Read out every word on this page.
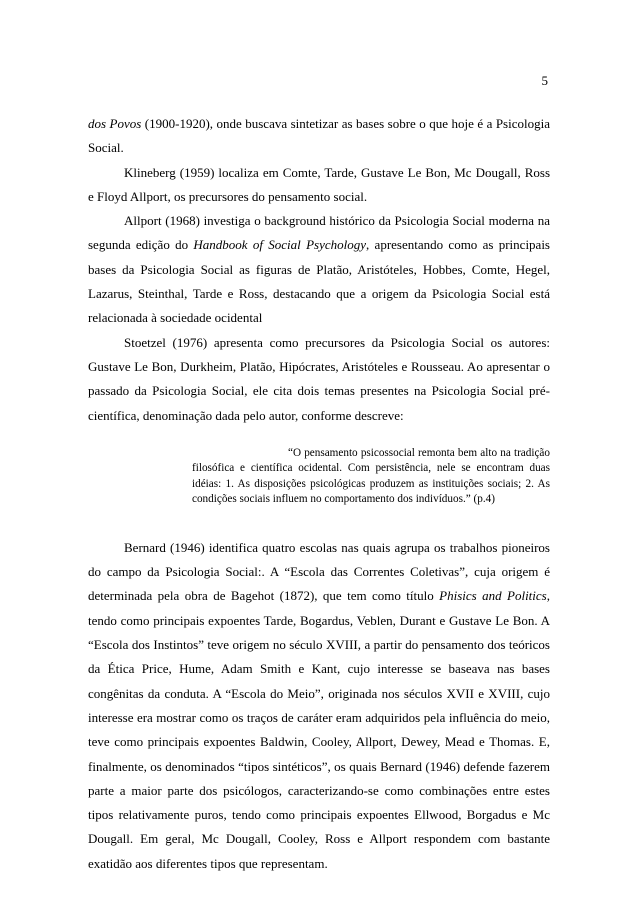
5

dos Povos (1900-1920), onde buscava sintetizar as bases sobre o que hoje é a Psicologia Social.

Klineberg (1959) localiza em Comte, Tarde, Gustave Le Bon, Mc Dougall, Ross e Floyd Allport, os precursores do pensamento social.

Allport (1968) investiga o background histórico da Psicologia Social moderna na segunda edição do Handbook of Social Psychology, apresentando como as principais bases da Psicologia Social as figuras de Platão, Aristóteles, Hobbes, Comte, Hegel, Lazarus, Steinthal, Tarde e Ross, destacando que a origem da Psicologia Social está relacionada à sociedade ocidental

Stoetzel (1976) apresenta como precursores da Psicologia Social os autores: Gustave Le Bon, Durkheim, Platão, Hipócrates, Aristóteles e Rousseau. Ao apresentar o passado da Psicologia Social, ele cita dois temas presentes na Psicologia Social pré-científica, denominação dada pelo autor, conforme descreve:

“O pensamento psicossocial remonta bem alto na tradição filosófica e científica ocidental. Com persistência, nele se encontram duas idéias: 1. As disposições psicológicas produzem as instituições sociais; 2. As condições sociais influem no comportamento dos indivíduos.” (p.4)

Bernard (1946) identifica quatro escolas nas quais agrupa os trabalhos pioneiros do campo da Psicologia Social:. A “Escola das Correntes Coletivas”, cuja origem é determinada pela obra de Bagehot (1872), que tem como título Phisics and Politics, tendo como principais expoentes Tarde, Bogardus, Veblen, Durant e Gustave Le Bon. A “Escola dos Instintos” teve origem no século XVIII, a partir do pensamento dos teóricos da Ética Price, Hume, Adam Smith e Kant, cujo interesse se baseava nas bases congênitas da conduta. A “Escola do Meio”, originada nos séculos XVII e XVIII, cujo interesse era mostrar como os traços de caráter eram adquiridos pela influência do meio, teve como principais expoentes Baldwin, Cooley, Allport, Dewey, Mead e Thomas. E, finalmente, os denominados “tipos sintéticos”, os quais Bernard (1946) defende fazerem parte a maior parte dos psicólogos, caracterizando-se como combinações entre estes tipos relativamente puros, tendo como principais expoentes Ellwood, Borgadus e Mc Dougall. Em geral, Mc Dougall, Cooley, Ross e Allport respondem com bastante exatidão aos diferentes tipos que representam.
